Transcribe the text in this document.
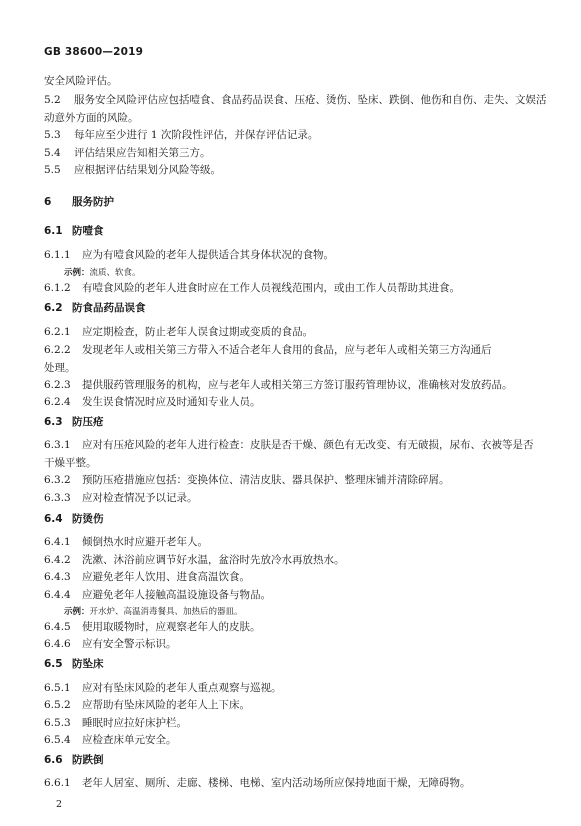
GB 38600—2019
安全风险评估。
5.2 服务安全风险评估应包括噎食、食品药品误食、压疮、烫伤、坠床、跌倒、他伤和自伤、走失、文娱活
动意外方面的风险。
5.3 每年应至少进行 1 次阶段性评估，并保存评估记录。
5.4 评估结果应告知相关第三方。
5.5 应根据评估结果划分风险等级。
6 服务防护
6.1 防噎食
6.1.1 应为有噎食风险的老年人提供适合其身体状况的食物。
示例：流质、软食。
6.1.2 有噎食风险的老年人进食时应在工作人员视线范围内，或由工作人员帮助其进食。
6.2 防食品药品误食
6.2.1 应定期检查，防止老年人误食过期或变质的食品。
6.2.2 发现老年人或相关第三方带入不适合老年人食用的食品，应与老年人或相关第三方沟通后
处理。
6.2.3 提供服药管理服务的机构，应与老年人或相关第三方签订服药管理协议，准确核对发放药品。
6.2.4 发生误食情况时应及时通知专业人员。
6.3 防压疮
6.3.1 应对有压疮风险的老年人进行检查：皮肤是否干燥、颜色有无改变、有无破损，尿布、衣被等是否
干燥平整。
6.3.2 预防压疮措施应包括：变换体位、清洁皮肤、器具保护、整理床铺并清除碎屑。
6.3.3 应对检查情况予以记录。
6.4 防烫伤
6.4.1 倾倒热水时应避开老年人。
6.4.2 洗漱、沐浴前应调节好水温，盆浴时先放冷水再放热水。
6.4.3 应避免老年人饮用、进食高温饮食。
6.4.4 应避免老年人接触高温设施设备与物品。
示例：开水炉、高温消毒餐具、加热后的器皿。
6.4.5 使用取暖物时，应观察老年人的皮肤。
6.4.6 应有安全警示标识。
6.5 防坠床
6.5.1 应对有坠床风险的老年人重点观察与巡视。
6.5.2 应帮助有坠床风险的老年人上下床。
6.5.3 睡眠时应拉好床护栏。
6.5.4 应检查床单元安全。
6.6 防跌倒
6.6.1 老年人居室、厕所、走廊、楼梯、电梯、室内活动场所应保持地面干燥，无障碍物。
2
